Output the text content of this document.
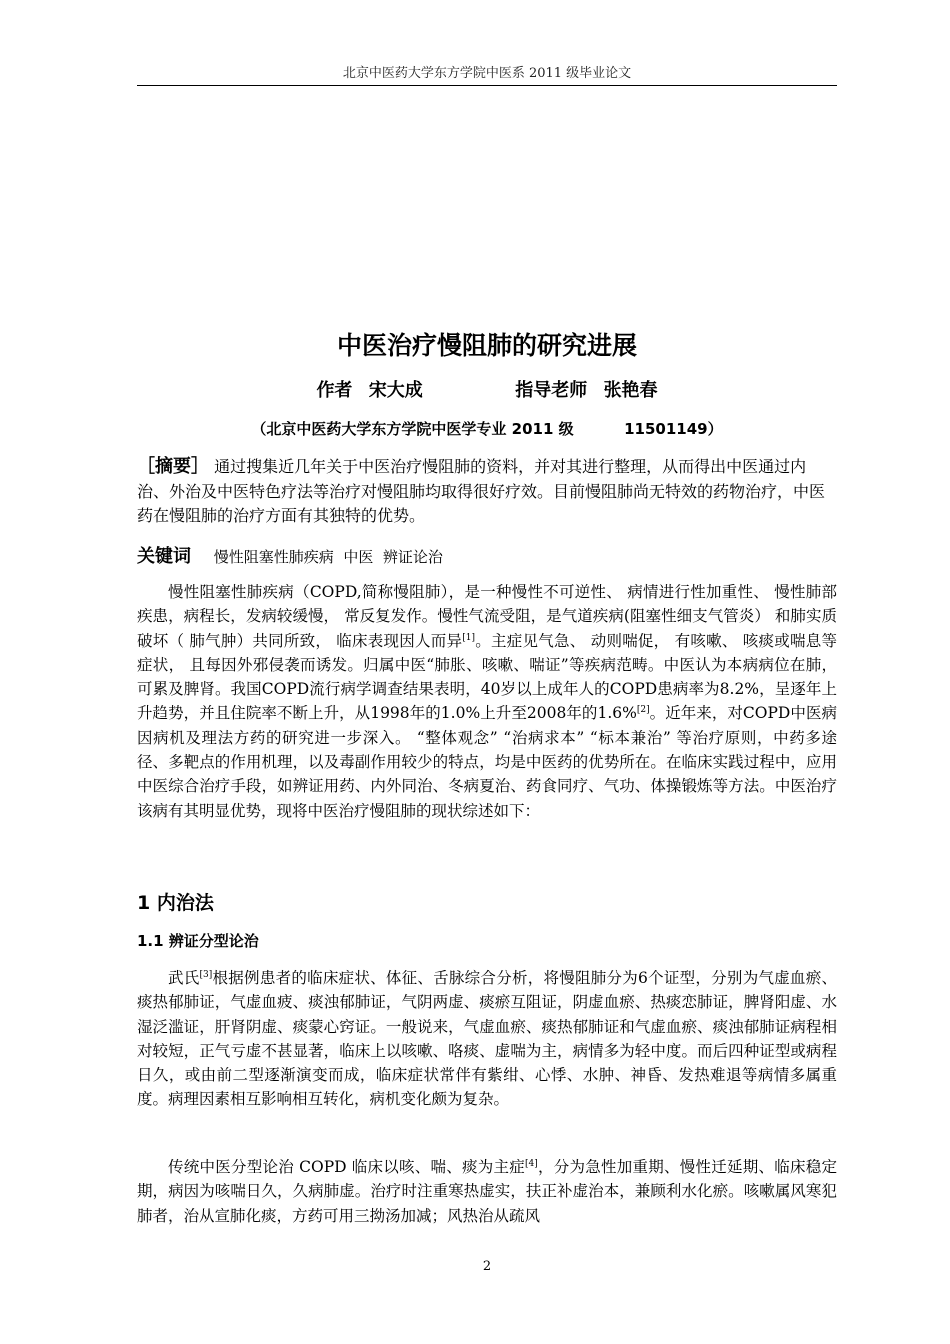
北京中医药大学东方学院中医系 2011 级毕业论文
中医治疗慢阻肺的研究进展
作者 宋大成	指导老师 张艳春
（北京中医药大学东方学院中医学专业 2011 级	11501149）

［摘要］ 通过搜集近几年关于中医治疗慢阻肺的资料，并对其进行整理，从而得出中医通过内治、外治及中医特色疗法等治疗对慢阻肺均取得很好疗效。目前慢阻肺尚无特效的药物治疗，中医药在慢阻肺的治疗方面有其独特的优势。

关键词 慢性阻塞性肺疾病  中医  辨证论治

慢性阻塞性肺疾病（COPD,简称慢阻肺），是一种慢性不可逆性、 病情进行性加重性、 慢性肺部疾患，病程长，发病较缓慢， 常反复发作。慢性气流受阻，是气道疾病(阻塞性细支气管炎） 和肺实质破坏（ 肺气肿）共同所致， 临床表现因人而异[1]。主症见气急、 动则喘促， 有咳嗽、 咳痰或喘息等症状， 且每因外邪侵袭而诱发。归属中医“肺胀、咳嗽、喘证”等疾病范畴。中医认为本病病位在肺，可累及脾肾。我国COPD流行病学调查结果表明，40岁以上成年人的COPD患病率为8.2%，呈逐年上升趋势，并且住院率不断上升，从1998年的1.0%上升至2008年的1.6%[2]。近年来，对COPD中医病因病机及理法方药的研究进一步深入。 “整体观念” “治病求本” “标本兼治” 等治疗原则，中药多途径、多靶点的作用机理，以及毒副作用较少的特点，均是中医药的优势所在。在临床实践过程中，应用中医综合治疗手段，如辨证用药、内外同治、冬病夏治、药食同疗、气功、体操锻炼等方法。中医治疗该病有其明显优势，现将中医治疗慢阻肺的现状综述如下：

1 内治法
1.1 辨证分型论治

武氏[3]根据例患者的临床症状、体征、舌脉综合分析，将慢阻肺分为6个证型，分别为气虚血瘀、痰热郁肺证，气虚血疲、痰浊郁肺证，气阴两虚、痰瘀互阻证，阴虚血瘀、热痰恋肺证，脾肾阳虚、水湿泛滥证，肝肾阴虚、痰蒙心窍证。一般说来，气虚血瘀、痰热郁肺证和气虚血瘀、痰浊郁肺证病程相对较短，正气亏虚不甚显著，临床上以咳嗽、咯痰、虚喘为主，病情多为轻中度。而后四种证型或病程日久，或由前二型逐渐演变而成，临床症状常伴有紫绀、心悸、水肿、神昏、发热难退等病情多属重度。病理因素相互影响相互转化，病机变化颇为复杂。

传统中医分型论治 COPD 临床以咳、喘、痰为主症[4]，分为急性加重期、慢性迁延期、临床稳定期，病因为咳喘日久，久病肺虚。治疗时注重寒热虚实，扶正补虚治本，兼顾利水化瘀。咳嗽属风寒犯肺者，治从宣肺化痰，方药可用三拗汤加减；风热治从疏风

2
